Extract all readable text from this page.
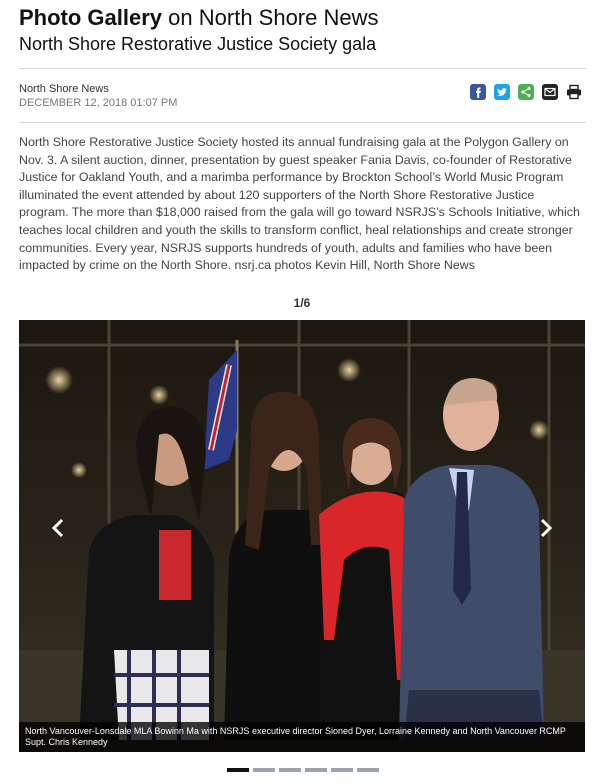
Photo Gallery on North Shore News
North Shore Restorative Justice Society gala
North Shore News
DECEMBER 12, 2018 01:07 PM
North Shore Restorative Justice Society hosted its annual fundraising gala at the Polygon Gallery on Nov. 3. A silent auction, dinner, presentation by guest speaker Fania Davis, co-founder of Restorative Justice for Oakland Youth, and a marimba performance by Brockton School’s World Music Program illuminated the event attended by about 120 supporters of the North Shore Restorative Justice program. The more than $18,000 raised from the gala will go toward NSRJS’s Schools Initiative, which teaches local children and youth the skills to transform conflict, heal relationships and create stronger communities. Every year, NSRJS supports hundreds of youth, adults and families who have been impacted by crime on the North Shore. nsrj.ca photos Kevin Hill, North Shore News
1/6
North Vancouver-Lonsdale MLA Bowinn Ma with NSRJS executive director Sioned Dyer, Lorraine Kennedy and North Vancouver RCMP Supt. Chris Kennedy
